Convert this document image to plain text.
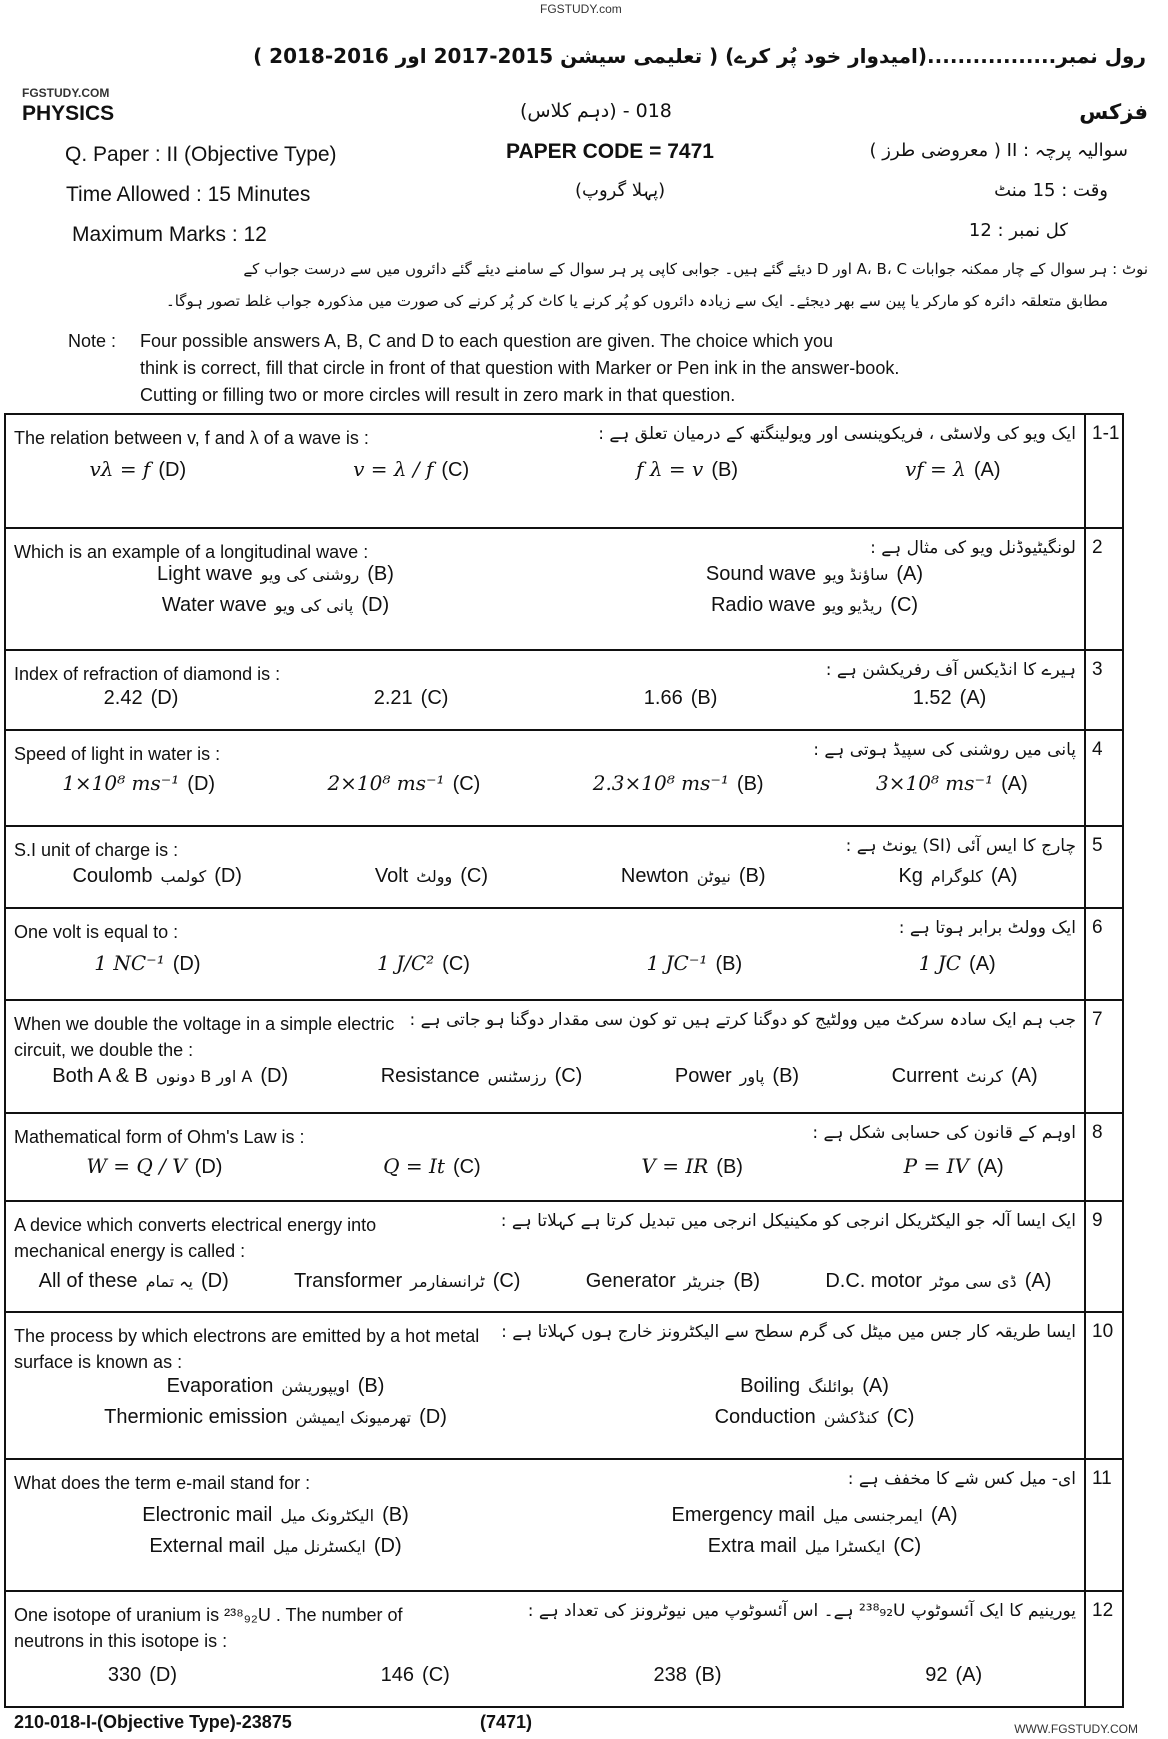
FGSTUDY.com
رول نمبر.................(امیدوار خود پُر کرے) ( تعلیمی سیشن 2015-2017 اور 2016-2018 )
FGSTUDY.COM
PHYSICS	فزکس
018 - (دہم کلاس)
Q. Paper : II (Objective Type)	PAPER CODE = 7471	سوالیہ پرچہ : II ( معروضی طرز )
Time Allowed : 15 Minutes	(پہلا گروپ)	وقت : 15 منٹ
Maximum Marks : 12	کل نمبر : 12
نوٹ : ہر سوال کے چار ممکنہ جوابات A، B، C اور D دیئے گئے ہیں۔ جوابی کاپی پر ہر سوال کے سامنے دیئے گئے دائروں میں سے درست جواب کے
مطابق متعلقہ دائرہ کو مارکر یا پین سے بھر دیجئے۔ ایک سے زیادہ دائروں کو پُر کرنے یا کاٹ کر پُر کرنے کی صورت میں مذکورہ جواب غلط تصور ہوگا۔
Note : Four possible answers A, B, C and D to each question are given. The choice which you
think is correct, fill that circle in front of that question with Marker or Pen ink in the answer-book.
Cutting or filling two or more circles will result in zero mark in that question.
The relation between v, f and λ of a wave is :	ایک ویو کی ولاسٹی ، فریکوینسی اور ویولینگتھ کے درمیان تعلق ہے :
vλ = f (D)	v = λ / f (C)	f λ = v (B)	vf = λ (A)
1-1
Which is an example of a longitudinal wave :	لونگیٹیوڈنل ویو کی مثال ہے :
Light wave روشنی کی ویو (B)	Sound wave ساؤنڈ ویو (A)
Water wave پانی کی ویو (D)	Radio wave ریڈیو ویو (C)
2
Index of refraction of diamond is :	ہیرے کا انڈیکس آف رفریکشن ہے :
2.42 (D)	2.21 (C)	1.66 (B)	1.52 (A)
3
Speed of light in water is :	پانی میں روشنی کی سپیڈ ہوتی ہے :
1×10⁸ ms⁻¹ (D)	2×10⁸ ms⁻¹ (C)	2.3×10⁸ ms⁻¹ (B)	3×10⁸ ms⁻¹ (A)
4
S.I unit of charge is :	چارج کا ایس آئی (SI) یونٹ ہے :
Coulomb کولمب (D)	Volt وولٹ (C)	Newton نیوٹن (B)	Kg کلوگرام (A)
5
One volt is equal to :	ایک وولٹ برابر ہوتا ہے :
1 NC⁻¹ (D)	1 J/C² (C)	1 JC⁻¹ (B)	1 JC (A)
6
When we double the voltage in a simple electric circuit, we double the :
جب ہم ایک سادہ سرکٹ میں وولٹیج کو دوگنا کرتے ہیں تو کون سی مقدار دوگنا ہو جاتی ہے :
Both A & B A اور B دونوں (D)	Resistance رزسٹنس (C)	Power پاور (B)	Current کرنٹ (A)
7
Mathematical form of Ohm's Law is :	اوہم کے قانون کی حسابی شکل ہے :
W = Q / V (D)	Q = It (C)	V = IR (B)	P = IV (A)
8
A device which converts electrical energy into mechanical energy is called :
ایک ایسا آلہ جو الیکٹریکل انرجی کو مکینیکل انرجی میں تبدیل کرتا ہے کہلاتا ہے :
All of these یہ تمام (D)	Transformer ٹرانسفارمر (C)	Generator جنریٹر (B)	D.C. motor ڈی سی موٹر (A)
9
The process by which electrons are emitted by a hot metal surface is known as :
ایسا طریقہ کار جس میں میٹل کی گرم سطح سے الیکٹرونز خارج ہوں کہلاتا ہے :
Evaporation اویپوریشن (B)	Boiling بوائلنگ (A)
Thermionic emission تھرمیونک ایمیشن (D)	Conduction کنڈکشن (C)
10
What does the term e-mail stand for :	ای- میل کس شے کا مخفف ہے :
Electronic mail الیکٹرونک میل (B)	Emergency mail ایمرجنسی میل (A)
External mail ایکسٹرنل میل (D)	Extra mail ایکسٹرا میل (C)
11
One isotope of uranium is ²³⁸₉₂U . The number of neutrons in this isotope is :
یورینیم کا ایک آئسوٹوپ ²³⁸₉₂U ہے۔ اس آئسوٹوپ میں نیوٹرونز کی تعداد ہے :
330 (D)	146 (C)	238 (B)	92 (A)
12
210-018-I-(Objective Type)-23875	(7471)	WWW.FGSTUDY.COM
